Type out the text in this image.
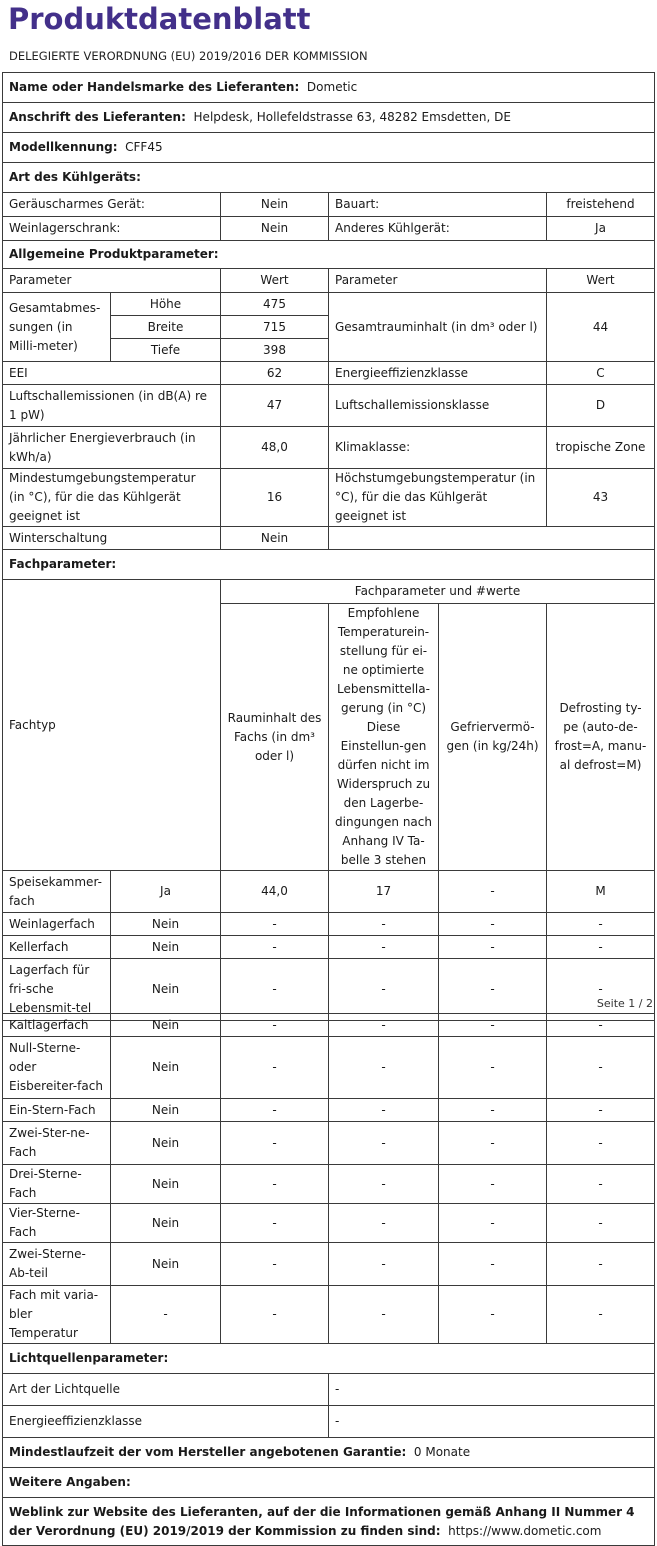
Produktdatenblatt
DELEGIERTE VERORDNUNG (EU) 2019/2016 DER KOMMISSION
Name oder Handelsmarke des Lieferanten: Dometic					
Anschrift des Lieferanten: Helpdesk, Hollefeldstrasse 63, 48282 Emsdetten, DE					
Modellkennung: CFF45					
Art des Kühlgeräts:					
Geräuscharmes Gerät:		Nein	Bauart:		freistehend
Weinlagerschrank:		Nein	Anderes Kühlgerät:		Ja
Allgemeine Produktparameter:					
Parameter		Wert	Parameter		Wert
Gesamtabmes-sungen (in Milli-meter)	Höhe	475	Gesamtrauminhalt (in dm³ oder l)		44
	Breite	715			
	Tiefe	398			
EEI		62	Energieeffizienzklasse		C
Luftschallemissionen (in dB(A) re 1 pW)		47	Luftschallemissionsklasse		D
Jährlicher Energieverbrauch (in kWh/a)		48,0	Klimaklasse:		tropische Zone
Mindestumgebungstemperatur (in °C), für die das Kühlgerät geeignet ist		16	Höchstumgebungstemperatur (in °C), für die das Kühlgerät geeignet ist		43
Winterschaltung		Nein			
Fachparameter:					
Fachtyp		Fachparameter und #werte			
		Rauminhalt des Fachs (in dm³ oder l)	Empfohlene Temperaturein-stellung für ei-ne optimierte Lebensmittella-gerung (in °C) Diese Einstellun-gen dürfen nicht im Widerspruch zu den Lagerbe-dingungen nach Anhang IV Ta-belle 3 stehen	Gefriervermö-gen (in kg/24h)	Defrosting ty-pe (auto-de-frost=A, manu-al defrost=M)
Speisekammer-fach	Ja	44,0	17	-	M
Weinlagerfach	Nein	-	-	-	-
Kellerfach	Nein	-	-	-	-
Lagerfach für fri-sche Lebensmit-tel	Nein	-	-	-	-
Seite 1 / 2
Kaltlagerfach	Nein	-	-	-	-
Null-Sterne-oder Eisbereiter-fach	Nein	-	-	-	-
Ein-Stern-Fach	Nein	-	-	-	-
Zwei-Ster-ne-Fach	Nein	-	-	-	-
Drei-Sterne-Fach	Nein	-	-	-	-
Vier-Sterne-Fach	Nein	-	-	-	-
Zwei-Sterne-Ab-teil	Nein	-	-	-	-
Fach mit varia-bler Temperatur	-	-	-	-	-
Lichtquellenparameter:					
Art der Lichtquelle			-		
Energieeffizienzklasse			-		
Mindestlaufzeit der vom Hersteller angebotenen Garantie: 0 Monate					
Weitere Angaben:					
Weblink zur Website des Lieferanten, auf der die Informationen gemäß Anhang II Nummer 4 der Verordnung (EU) 2019/2019 der Kommission zu finden sind: https://www.dometic.com					
